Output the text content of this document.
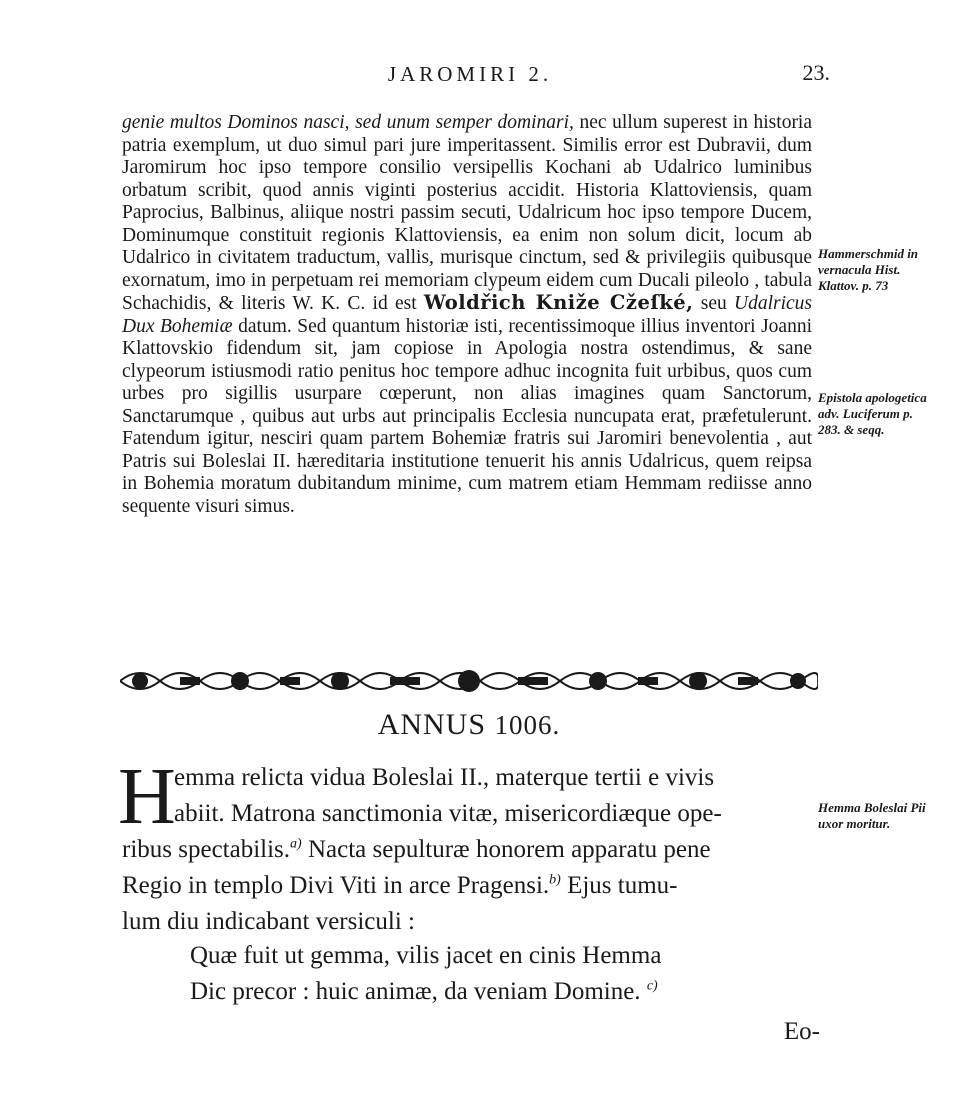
JAROMIRI 2.	23.

genie multos Dominos nasci, sed unum semper dominari, nec ullum superest in historia patria exemplum, ut duo simul pari jure imperitassent. Similis error est Dubravii, dum Jaromirum hoc ipso tempore consilio versipellis Kochani ab Udalrico luminibus orbatum scribit, quod annis viginti posterius accidit. Historia Klattoviensis, quam Paprocius, Balbinus, aliique nostri passim secuti, Udalricum hoc ipso tempore Ducem, Dominumque constituit regionis Klattoviensis, ea enim non solum dicit, locum ab Udalrico in civitatem traductum, vallis, murisque cinctum, sed & privilegiis quibusque exornatum, imo in perpetuam rei memoriam clypeum eidem cum Ducali pileolo , tabula Schachidis, & literis W. K. C. id est Woldřich Kniže Cžeſké, seu Udalricus Dux Bohemiæ datum. Sed quantum historiæ isti, recentissimoque illius inventori Joanni Klattovskio fidendum sit, jam copiose in Apologia nostra ostendimus, & sane clypeorum istiusmodi ratio penitus hoc tempore adhuc incognita fuit urbibus, quos cum urbes pro sigillis usurpare cœperunt, non alias imagines quam Sanctorum, Sanctarumque , quibus aut urbs aut principalis Ecclesia nuncupata erat, præfetulerunt. Fatendum igitur, nesciri quam partem Bohemiæ fratris sui Jaromiri benevolentia , aut Patris sui Boleslai II. hæreditaria institutione tenuerit his annis Udalricus, quem reipsa in Bohemia moratum dubitandum minime, cum matrem etiam Hemmam rediisse anno sequente visuri simus.

Hammerschmid in vernacula Hist. Klattov. p. 73
Epistola apologetica adv. Luciferum p. 283. & seqq.
Hemma Boleslai Pii uxor moritur.
ANNUS 1006.
H
emma relicta vidua Boleslai II., materque tertii e vivis
abiit. Matrona sanctimonia vitæ, misericordiæque ope-
ribus spectabilis.$^{a)}$ Nacta sepulturæ honorem apparatu pene
Regio in templo Divi Viti in arce Pragensi.$^{b)}$ Ejus tumu-
lum diu indicabant versiculi :
Quæ fuit ut gemma, vilis jacet en cinis Hemma
Dic precor : huic animæ, da veniam Domine. $^{c)}$
Eo-
